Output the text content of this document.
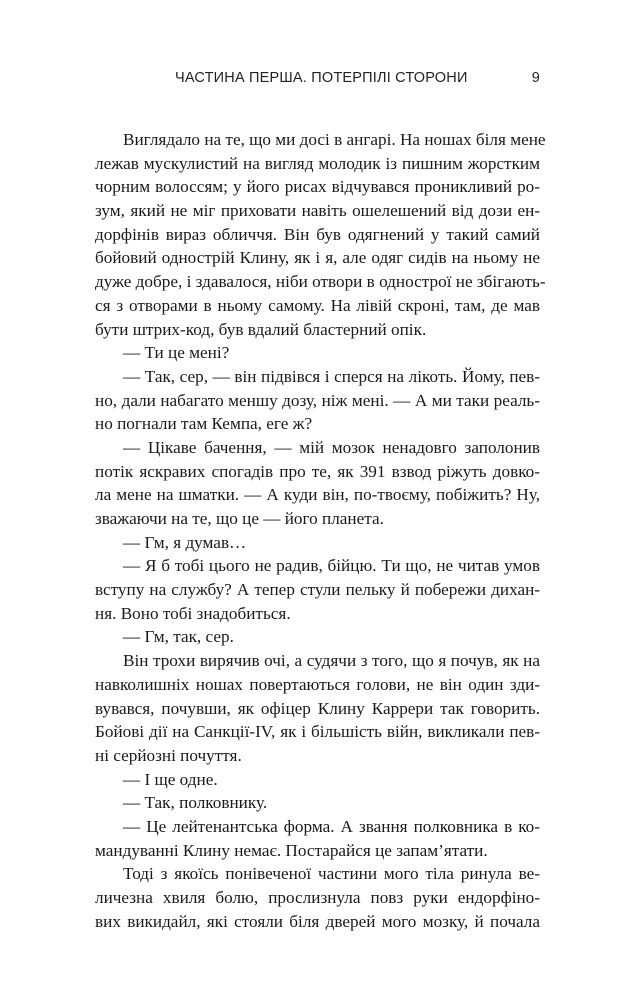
ЧАСТИНА ПЕРША. ПОТЕРПІЛІ СТОРОНИ	9
Виглядало на те, що ми досі в ангарі. На ношах біля мене
лежав мускулистий на вигляд молодик із пишним жорстким
чорним волоссям; у його рисах відчувався проникливий ро-
зум, який не міг приховати навіть ошелешений від дози ен-
дорфінів вираз обличчя. Він був одягнений у такий самий
бойовий однострій Клину, як і я, але одяг сидів на ньому не
дуже добре, і здавалося, ніби отвори в однострої не збігають-
ся з отворами в ньому самому. На лівій скроні, там, де мав
бути штрих-код, був вдалий бластерний опік.
— Ти це мені?
— Так, сер, — він підвівся і сперся на лікоть. Йому, пев-
но, дали набагато меншу дозу, ніж мені. — А ми таки реаль-
но погнали там Кемпа, еге ж?
— Цікаве бачення, — мій мозок ненадовго заполонив
потік яскравих спогадів про те, як 391 взвод ріжуть довко-
ла мене на шматки. — А куди він, по-твоєму, побіжить? Ну,
зважаючи на те, що це — його планета.
— Гм, я думав…
— Я б тобі цього не радив, бійцю. Ти що, не читав умов
вступу на службу? А тепер стули пельку й побережи дихан-
ня. Воно тобі знадобиться.
— Гм, так, сер.
Він трохи вирячив очі, а судячи з того, що я почув, як на
навколишніх ношах повертаються голови, не він один зди-
вувався, почувши, як офіцер Клину Каррери так говорить.
Бойові дії на Санкції-IV, як і більшість війн, викликали пев-
ні серйозні почуття.
— І ще одне.
— Так, полковнику.
— Це лейтенантська форма. А звання полковника в ко-
мандуванні Клину немає. Постарайся це запам’ятати.
Тоді з якоїсь понівеченої частини мого тіла ринула ве-
личезна хвиля болю, прослизнула повз руки ендорфіно-
вих викидайл, які стояли біля дверей мого мозку, й почала
